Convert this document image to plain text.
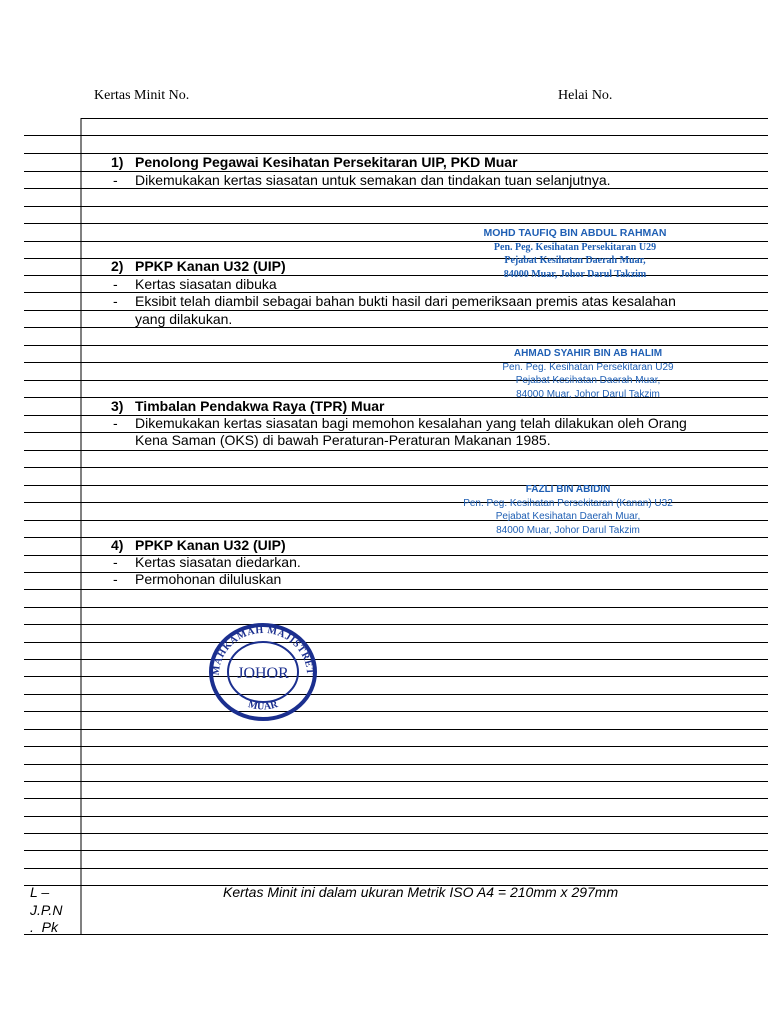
Kertas Minit No.	Helai No.
1) Penolong Pegawai Kesihatan Persekitaran UIP, PKD Muar
- Dikemukakan kertas siasatan untuk semakan dan tindakan tuan selanjutnya.
MOHD TAUFIQ BIN ABDUL RAHMAN
Pen. Peg. Kesihatan Persekitaran U29
Pejabat Kesihatan Daerah Muar,
84000 Muar, Johor Darul Takzim
2) PPKP Kanan U32 (UIP)
- Kertas siasatan dibuka
- Eksibit telah diambil sebagai bahan bukti hasil dari pemeriksaan premis atas kesalahan
yang dilakukan.
AHMAD SYAHIR BIN AB HALIM
Pen. Peg. Kesihatan Persekitaran U29
Pejabat Kesihatan Daerah Muar,
84000 Muar, Johor Darul Takzim
3) Timbalan Pendakwa Raya (TPR) Muar
- Dikemukakan kertas siasatan bagi memohon kesalahan yang telah dilakukan oleh Orang
Kena Saman (OKS) di bawah Peraturan-Peraturan Makanan 1985.
FAZLI BIN ABIDIN
Pen. Peg. Kesihatan Persekitaran (Kanan) U32
Pejabat Kesihatan Daerah Muar,
84000 Muar, Johor Darul Takzim
4) PPKP Kanan U32 (UIP)
- Kertas siasatan diedarkan.
- Permohonan diluluskan
MAHKAMAH MAJISTRET
JOHOR
MUAR
L –
J.P.N
.  Pk
Kertas Minit ini dalam ukuran Metrik ISO A4 = 210mm x 297mm
